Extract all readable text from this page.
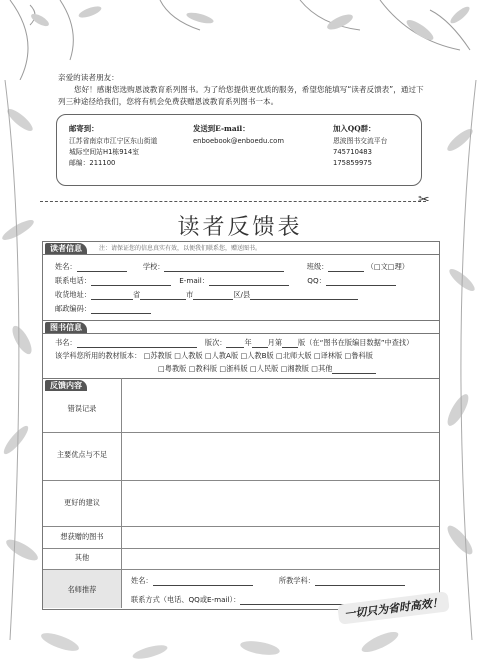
亲爱的读者朋友：

您好！感谢您选购恩波教育系列图书。为了给您提供更优质的服务，希望您能填写“读者反馈表”，通过下列三种途径给我们，您将有机会免费获赠恩波教育系列图书一本。

邮寄到：
江苏省南京市江宁区东山街道
城际空间站H1栋914室
邮编：211100
发送到E-mail：
enboebook@enboedu.com
加入QQ群：
恩波图书交流平台
745710483
175859975
✂
读者反馈表
读者信息	注：请保证您的信息真实有效，以便我们联系您，赠送图书。
姓名：	学校：	班级：	（□文□理）
联系电话：	E-mail：	QQ：
收货地址：	省	市	区/县
邮政编码：
图书信息
书名：	版次：	年 月第 版（在“图书在版编目数据”中查找）
该学科您所用的教材版本： □苏教版 □人教版 □人教A版 □人教B版 □北师大版 □译林版 □鲁科版
□粤教版 □教科版 □浙科版 □人民版 □湘教版 □其他
反馈内容
错误记录
主要优点与不足
更好的建议
想获赠的图书
其他
名师推荐
姓名：	所教学科：
联系方式（电话、QQ或E-mail）：	一切只为省时高效！
